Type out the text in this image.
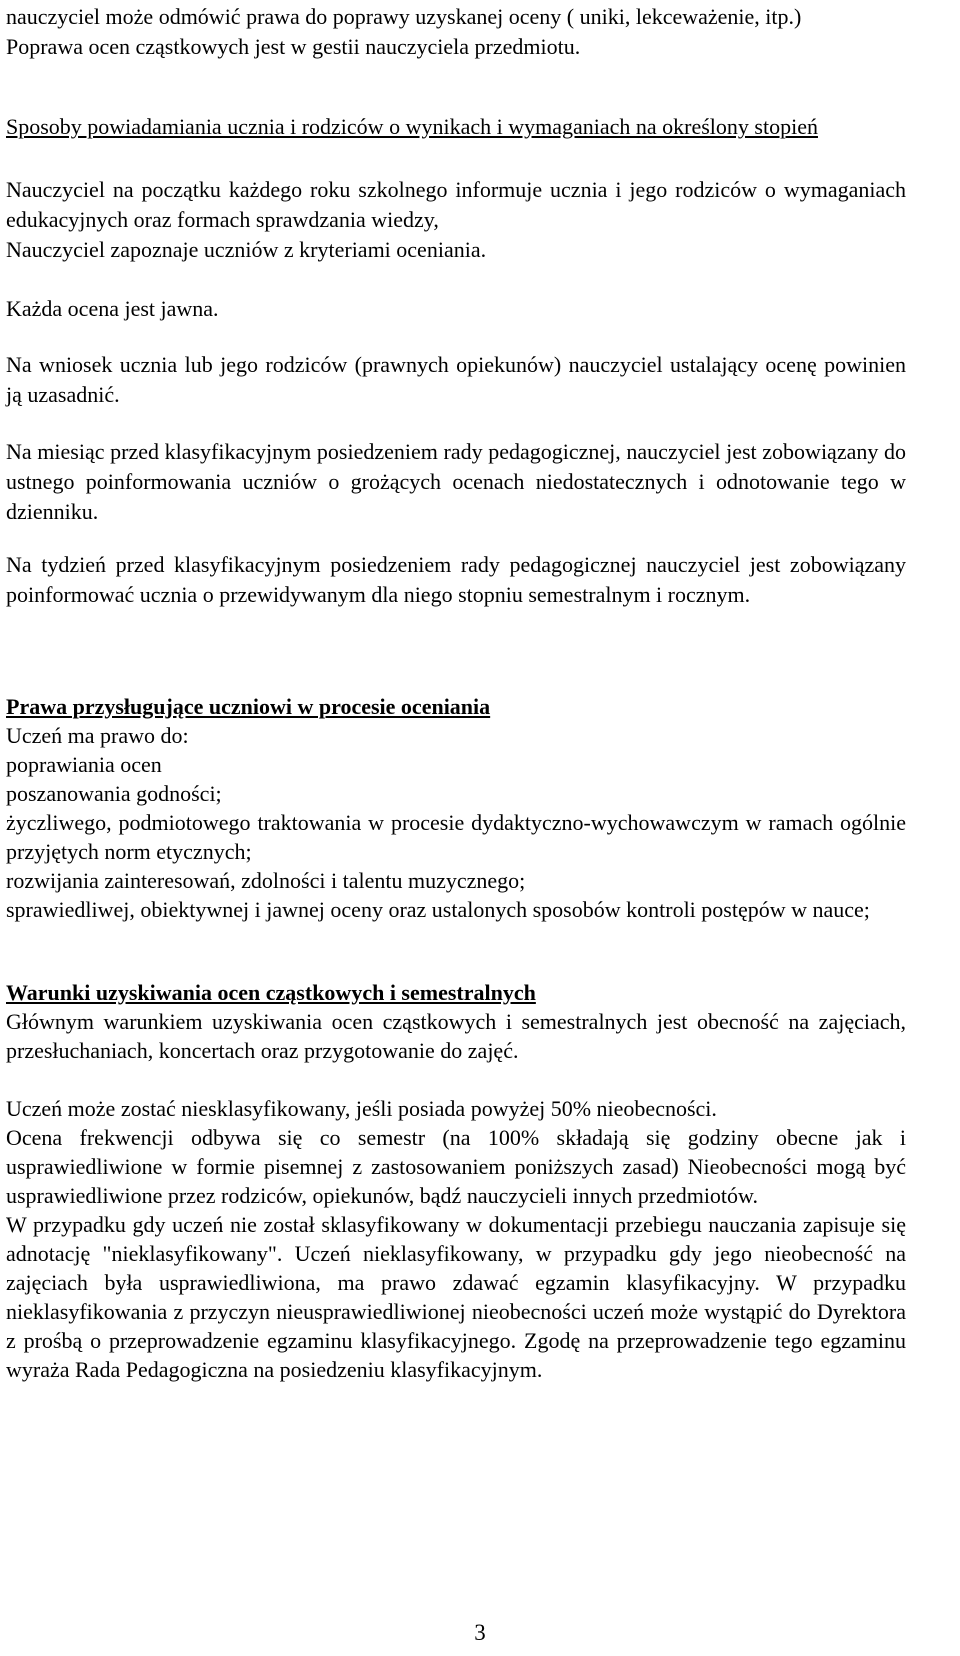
nauczyciel może odmówić prawa do poprawy uzyskanej oceny ( uniki, lekceważenie, itp.)
Poprawa ocen cząstkowych jest w gestii nauczyciela przedmiotu.

Sposoby powiadamiania ucznia i rodziców o wynikach i wymaganiach na określony stopień

Nauczyciel na początku każdego roku szkolnego informuje ucznia i jego rodziców o wymaganiach edukacyjnych oraz formach sprawdzania wiedzy,

Nauczyciel zapoznaje uczniów z kryteriami oceniania.

Każda ocena jest jawna.

Na wniosek ucznia lub jego rodziców (prawnych opiekunów) nauczyciel ustalający ocenę powinien ją uzasadnić.

Na miesiąc przed klasyfikacyjnym posiedzeniem rady pedagogicznej, nauczyciel jest zobowiązany do ustnego poinformowania uczniów o grożących ocenach niedostatecznych i odnotowanie tego w dzienniku.

Na tydzień przed klasyfikacyjnym posiedzeniem rady pedagogicznej nauczyciel jest zobowiązany poinformować ucznia o przewidywanym dla niego stopniu semestralnym i rocznym.

Prawa przysługujące uczniowi w procesie oceniania

Uczeń ma prawo do:

poprawiania ocen

poszanowania godności;

życzliwego, podmiotowego traktowania w procesie dydaktyczno-wychowawczym w ramach ogólnie przyjętych norm etycznych;

rozwijania zainteresowań, zdolności i talentu muzycznego;

sprawiedliwej, obiektywnej i jawnej oceny oraz ustalonych sposobów kontroli postępów w nauce;

Warunki uzyskiwania ocen cząstkowych i semestralnych

Głównym warunkiem uzyskiwania ocen cząstkowych i semestralnych jest obecność na zajęciach, przesłuchaniach, koncertach oraz przygotowanie do zajęć.

Uczeń może zostać niesklasyfikowany, jeśli posiada powyżej 50% nieobecności.

Ocena frekwencji odbywa się co semestr (na 100% składają się godziny obecne jak i usprawiedliwione w formie pisemnej z zastosowaniem poniższych zasad) Nieobecności mogą być usprawiedliwione przez rodziców, opiekunów, bądź nauczycieli innych przedmiotów.

W przypadku gdy uczeń nie został sklasyfikowany w dokumentacji przebiegu nauczania zapisuje się adnotację "nieklasyfikowany". Uczeń nieklasyfikowany, w przypadku gdy jego nieobecność na zajęciach była usprawiedliwiona, ma prawo zdawać egzamin klasyfikacyjny. W przypadku nieklasyfikowania z przyczyn nieusprawiedliwionej nieobecności uczeń może wystąpić do Dyrektora z prośbą o przeprowadzenie egzaminu klasyfikacyjnego. Zgodę na przeprowadzenie tego egzaminu wyraża Rada Pedagogiczna na posiedzeniu klasyfikacyjnym.

3
